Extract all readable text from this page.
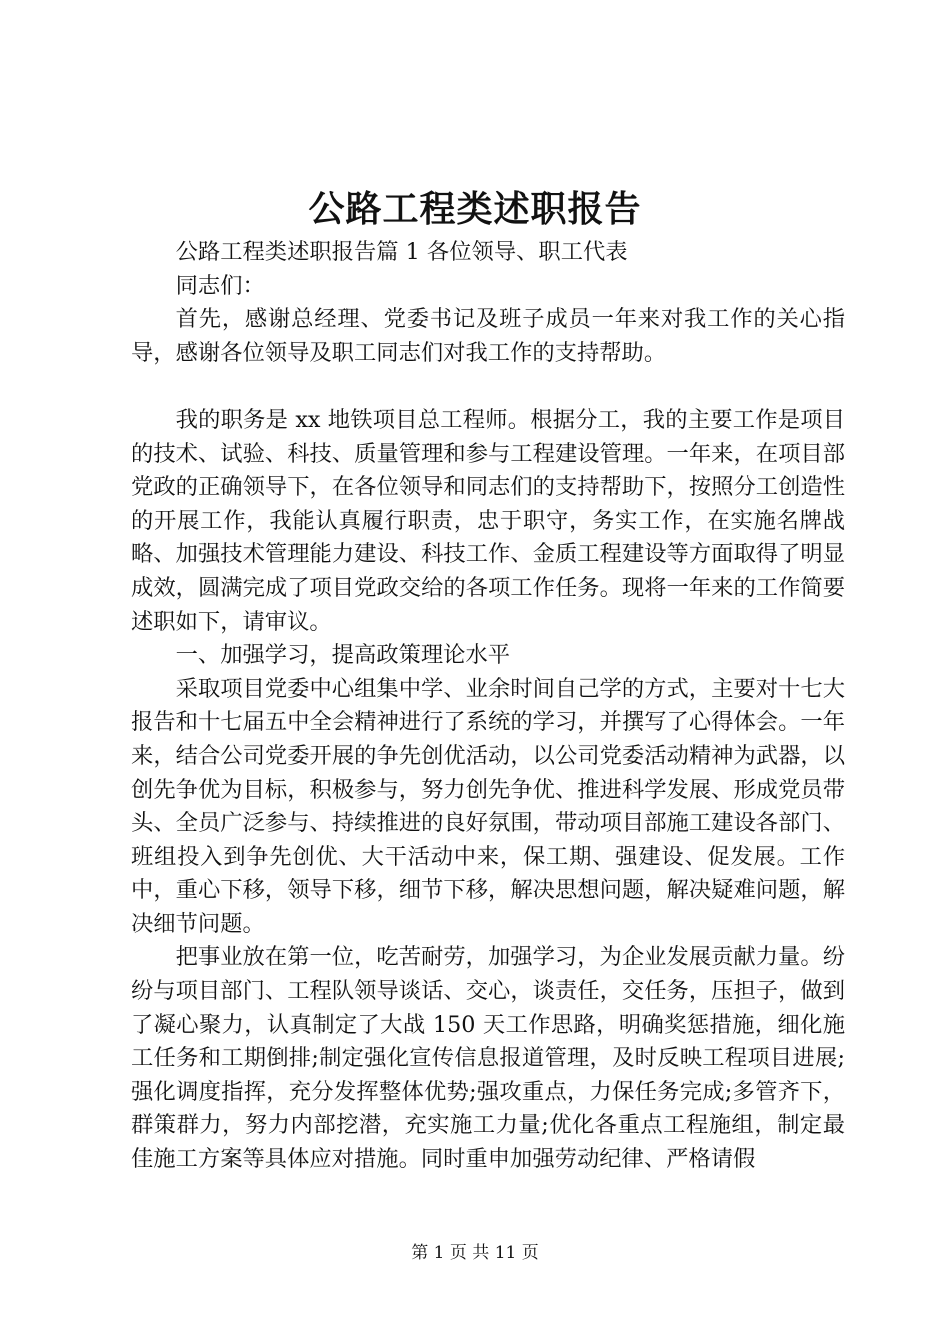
公路工程类述职报告

公路工程类述职报告篇 1 各位领导、职工代表

同志们：

首先，感谢总经理、党委书记及班子成员一年来对我工作的关心指导，感谢各位领导及职工同志们对我工作的支持帮助。

我的职务是 xx 地铁项目总工程师。根据分工，我的主要工作是项目的技术、试验、科技、质量管理和参与工程建设管理。一年来，在项目部党政的正确领导下，在各位领导和同志们的支持帮助下，按照分工创造性的开展工作，我能认真履行职责，忠于职守，务实工作，在实施名牌战略、加强技术管理能力建设、科技工作、金质工程建设等方面取得了明显成效，圆满完成了项目党政交给的各项工作任务。现将一年来的工作简要述职如下，请审议。

一、加强学习，提高政策理论水平

采取项目党委中心组集中学、业余时间自己学的方式，主要对十七大报告和十七届五中全会精神进行了系统的学习，并撰写了心得体会。一年来，结合公司党委开展的争先创优活动，以公司党委活动精神为武器，以创先争优为目标，积极参与，努力创先争优、推进科学发展、形成党员带头、全员广泛参与、持续推进的良好氛围，带动项目部施工建设各部门、班组投入到争先创优、大干活动中来，保工期、强建设、促发展。工作中，重心下移，领导下移，细节下移，解决思想问题，解决疑难问题，解决细节问题。

把事业放在第一位，吃苦耐劳，加强学习，为企业发展贡献力量。纷纷与项目部门、工程队领导谈话、交心，谈责任，交任务，压担子，做到了凝心聚力，认真制定了大战 150 天工作思路，明确奖惩措施，细化施工任务和工期倒排;制定强化宣传信息报道管理，及时反映工程项目进展;强化调度指挥，充分发挥整体优势;强攻重点，力保任务完成;多管齐下，群策群力，努力内部挖潜，充实施工力量;优化各重点工程施组，制定最佳施工方案等具体应对措施。同时重申加强劳动纪律、严格请假

第 1 页 共 11 页
